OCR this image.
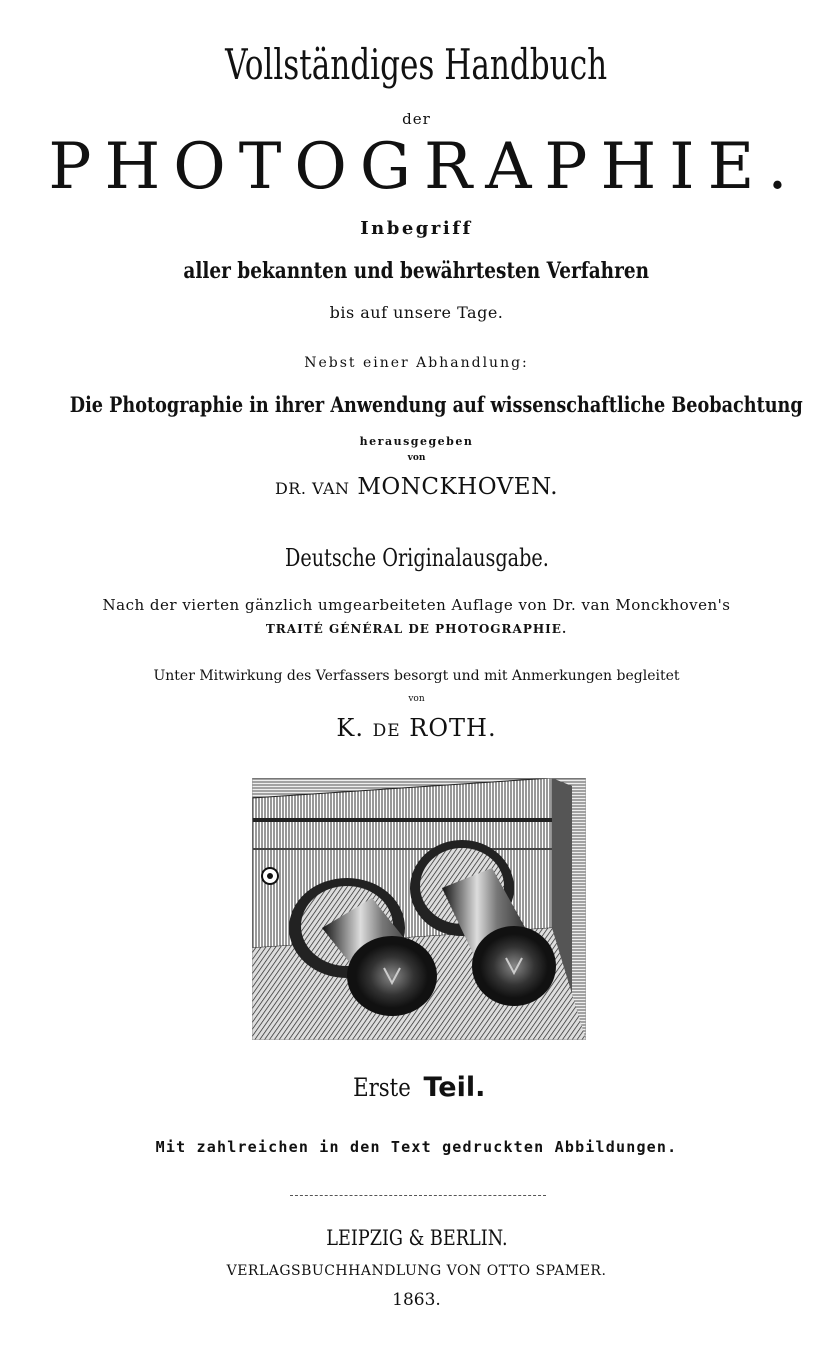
Vollständiges Handbuch
der
PHOTOGRAPHIE.
Inbegriff
aller bekannten und bewährtesten Verfahren
bis auf unsere Tage.
Nebst einer Abhandlung:
Die Photographie in ihrer Anwendung auf wissenschaftliche Beobachtung
herausgegeben
von
DR. VAN MONCKHOVEN.
Deutsche Originalausgabe.
Nach der vierten gänzlich umgearbeiteten Auflage von Dr. van Monckhoven's
TRAITÉ GÉNÉRAL DE PHOTOGRAPHIE.
Unter Mitwirkung des Verfassers besorgt und mit Anmerkungen begleitet
von
K. DE ROTH.
Erste Teil.
Mit zahlreichen in den Text gedruckten Abbildungen.
LEIPZIG & BERLIN.
VERLAGSBUCHHANDLUNG VON OTTO SPAMER.
1863.
